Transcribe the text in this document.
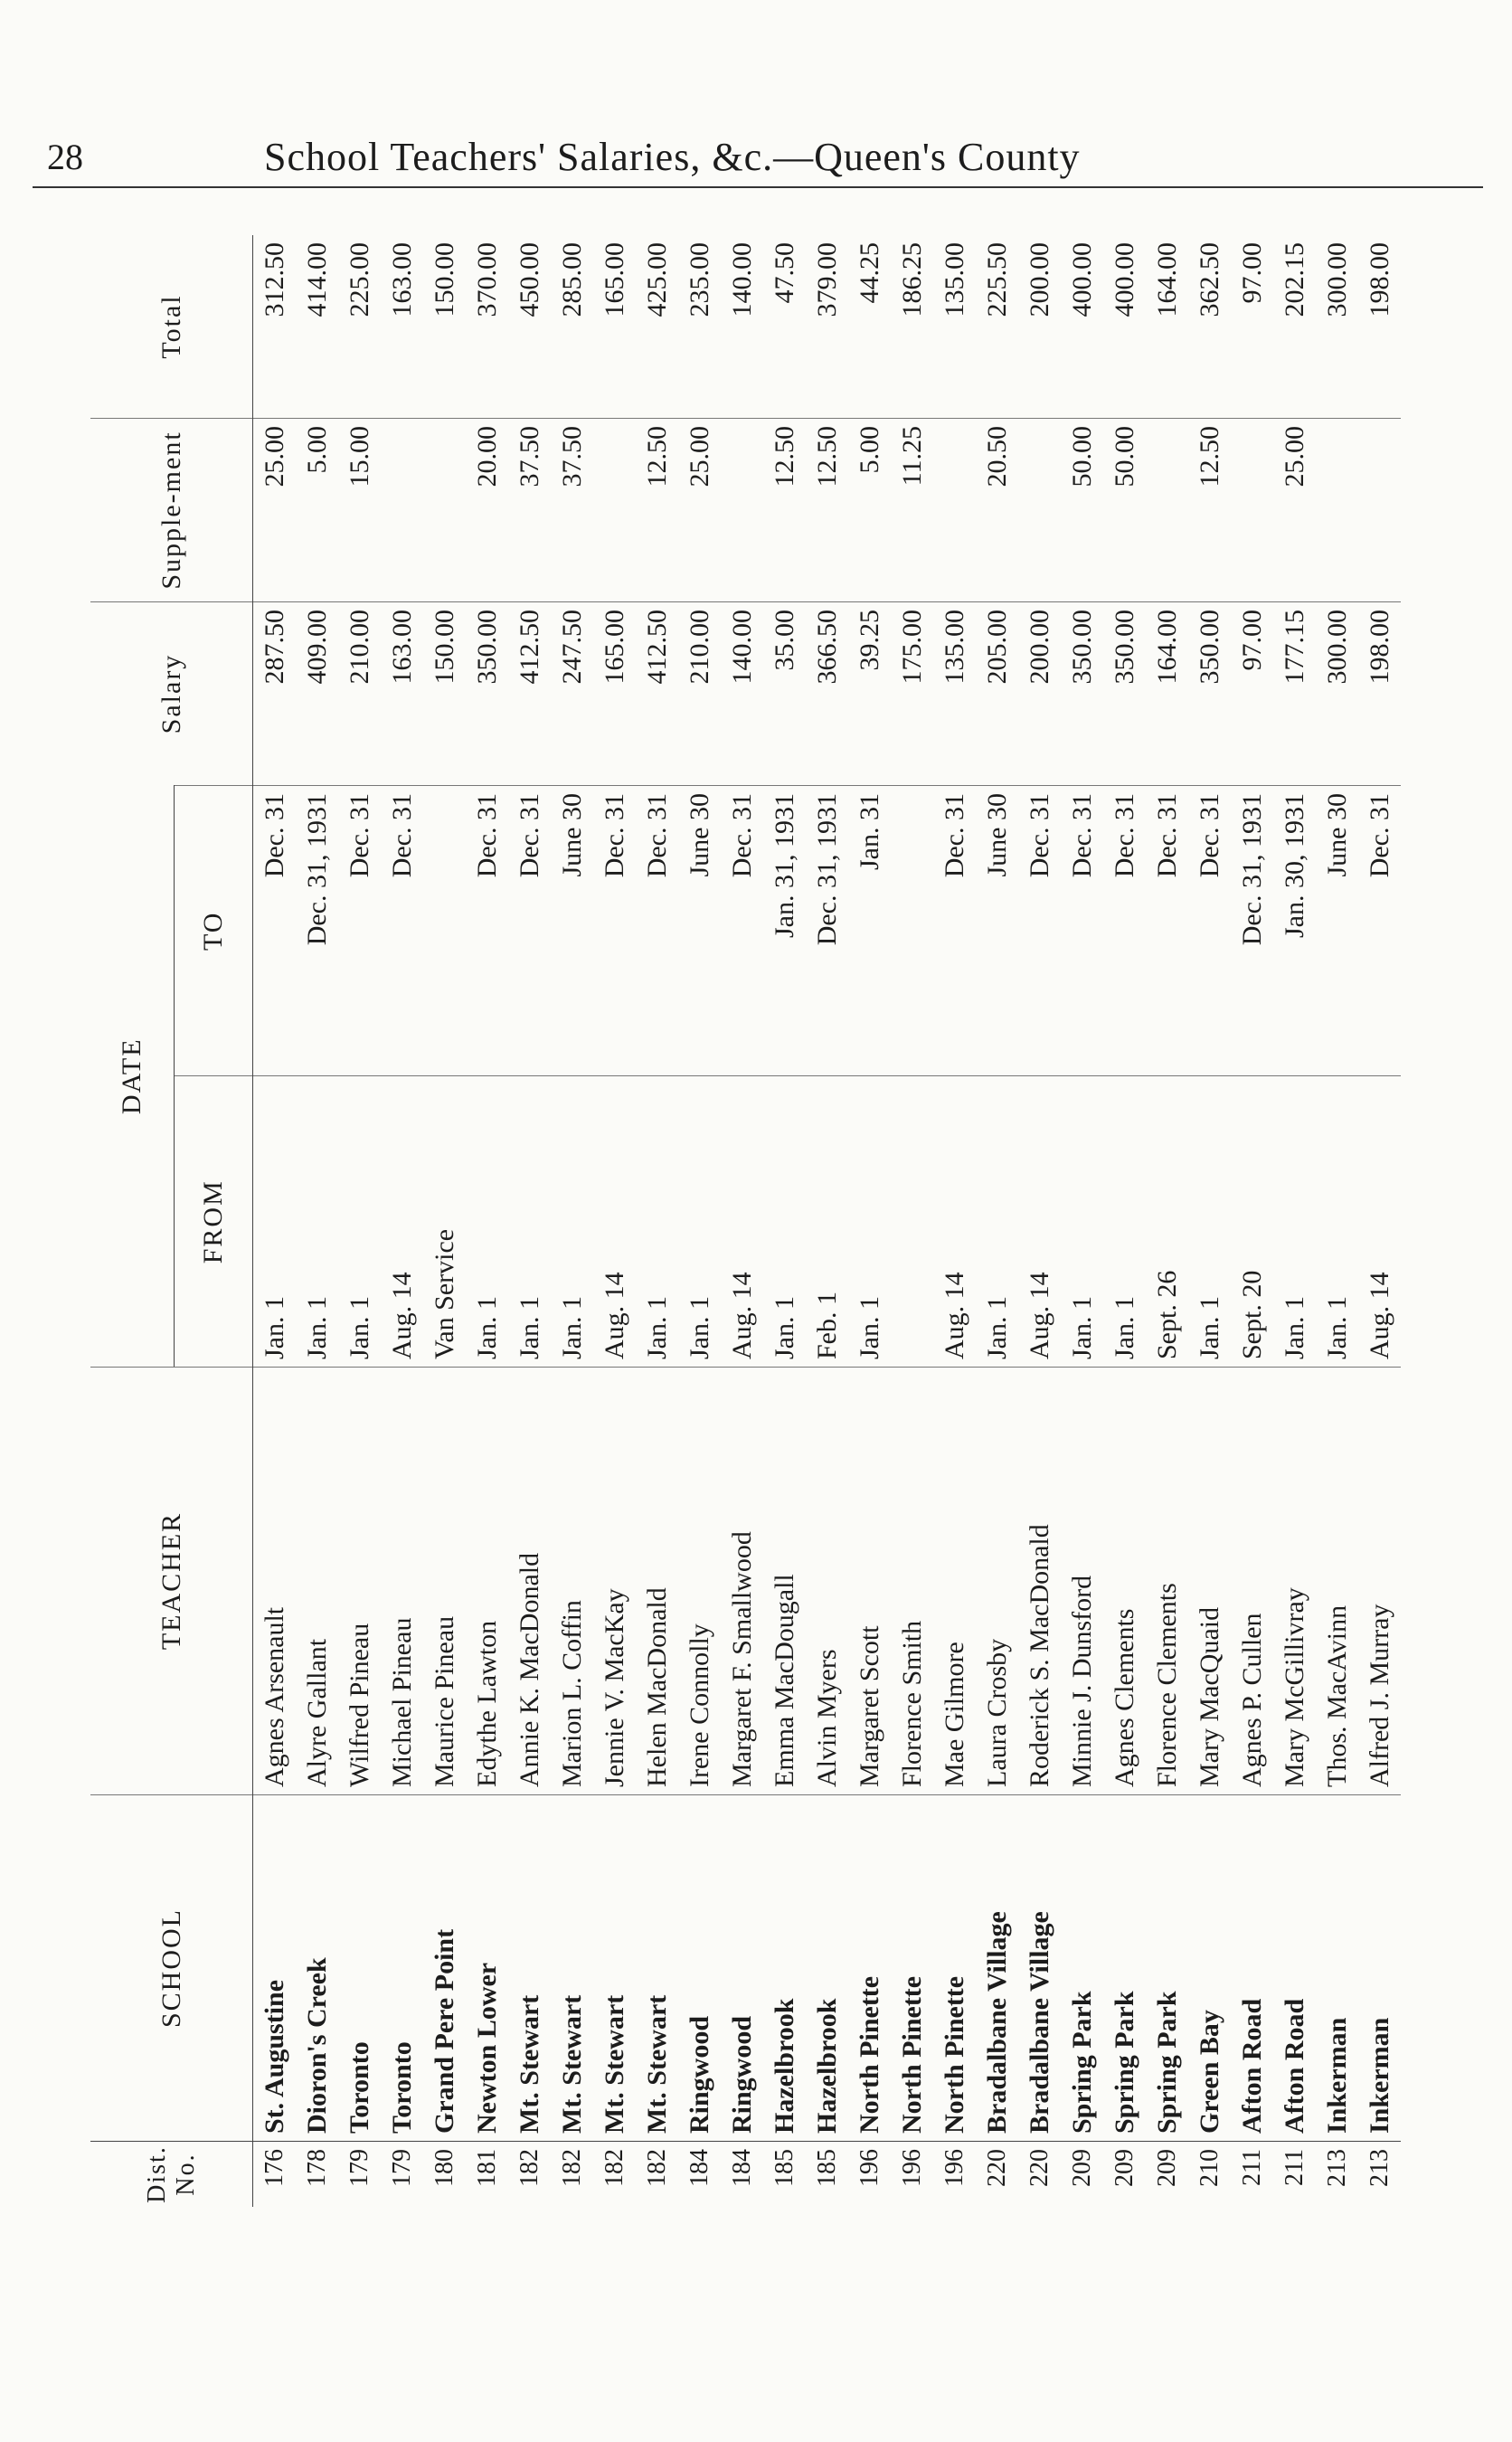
28	School Teachers' Salaries, &c.—Queen's County
Dist. No.	SCHOOL	TEACHER	DATE		Salary	Supple-ment	Total
			FROM	TO			
176	St. Augustine	Agnes Arsenault	Jan. 1	Dec. 31	287.50	25.00	312.50
178	Dioron's Creek	Alyre Gallant	Jan. 1	Dec. 31, 1931	409.00	5.00	414.00
179	Toronto	Wilfred Pineau	Jan. 1	Dec. 31	210.00	15.00	225.00
179	Toronto	Michael Pineau	Aug. 14	Dec. 31	163.00		163.00
180	Grand Pere Point	Maurice Pineau	Van Service		150.00		150.00
181	Newton Lower	Edythe Lawton	Jan. 1	Dec. 31	350.00	20.00	370.00
182	Mt. Stewart	Annie K. MacDonald	Jan. 1	Dec. 31	412.50	37.50	450.00
182	Mt. Stewart	Marion L. Coffin	Jan. 1	June 30	247.50	37.50	285.00
182	Mt. Stewart	Jennie V. MacKay	Aug. 14	Dec. 31	165.00		165.00
182	Mt. Stewart	Helen MacDonald	Jan. 1	Dec. 31	412.50	12.50	425.00
184	Ringwood	Irene Connolly	Jan. 1	June 30	210.00	25.00	235.00
184	Ringwood	Margaret F. Smallwood	Aug. 14	Dec. 31	140.00		140.00
185	Hazelbrook	Emma MacDougall	Jan. 1	Jan. 31, 1931	35.00	12.50	47.50
185	Hazelbrook	Alvin Myers	Feb. 1	Dec. 31, 1931	366.50	12.50	379.00
196	North Pinette	Margaret Scott	Jan. 1	Jan. 31	39.25	5.00	44.25
196	North Pinette	Florence Smith			175.00	11.25	186.25
196	North Pinette	Mae Gilmore	Aug. 14	Dec. 31	135.00		135.00
220	Bradalbane Village	Laura Crosby	Jan. 1	June 30	205.00	20.50	225.50
220	Bradalbane Village	Roderick S. MacDonald	Aug. 14	Dec. 31	200.00		200.00
209	Spring Park	Minnie J. Dunsford	Jan. 1	Dec. 31	350.00	50.00	400.00
209	Spring Park	Agnes Clements	Jan. 1	Dec. 31	350.00	50.00	400.00
209	Spring Park	Florence Clements	Sept. 26	Dec. 31	164.00		164.00
210	Green Bay	Mary MacQuaid	Jan. 1	Dec. 31	350.00	12.50	362.50
211	Afton Road	Agnes P. Cullen	Sept. 20	Dec. 31, 1931	97.00		97.00
211	Afton Road	Mary McGillivray	Jan. 1	Jan. 30, 1931	177.15	25.00	202.15
213	Inkerman	Thos. MacAvinn	Jan. 1	June 30	300.00		300.00
213	Inkerman	Alfred J. Murray	Aug. 14	Dec. 31	198.00		198.00
